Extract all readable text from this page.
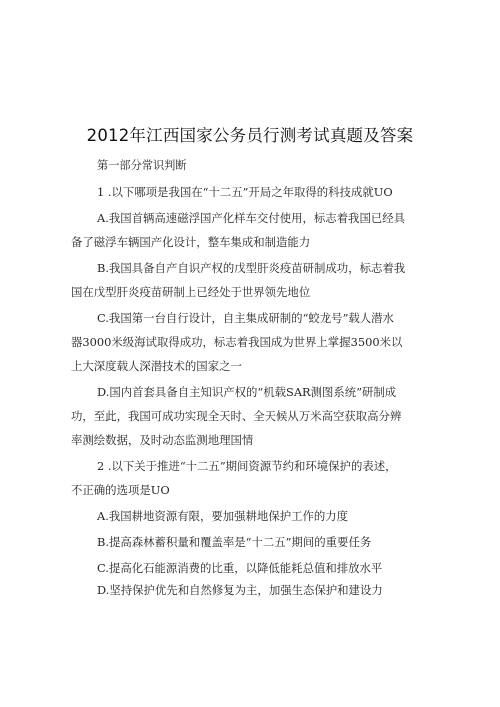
2012年江西国家公务员行测考试真题及答案
第一部分常识判断
1 .以下哪项是我国在“十二五”开局之年取得的科技成就UO
A.我国首辆高速磁浮国产化样车交付使用，标志着我国已经具
备了磁浮车辆国产化设计，整车集成和制造能力
B.我国具备自产自识产权的戊型肝炎疫苗研制成功，标志着我
国在戊型肝炎疫苗研制上已经处于世界领先地位
C.我国第一台自行设计，自主集成研制的“蛟龙号”载人潜水
器3000米级海试取得成功，标志着我国成为世界上掌握3500米以
上大深度载人深潜技术的国家之一
D.国内首套具备自主知识产权的“机载SAR测图系统”研制成
功，至此，我国可成功实现全天时、全天候从万米高空获取高分辨
率测绘数据，及时动态监测地理国情
2 .以下关于推进“十二五”期间资源节约和环境保护的表述，
不正确的选项是UO
A.我国耕地资源有限，要加强耕地保护工作的力度
B.提高森林蓄积量和覆盖率是“十二五”期间的重要任务
C.提高化石能源消费的比重，以降低能耗总值和排放水平
D.坚持保护优先和自然修复为主，加强生态保护和建设力
